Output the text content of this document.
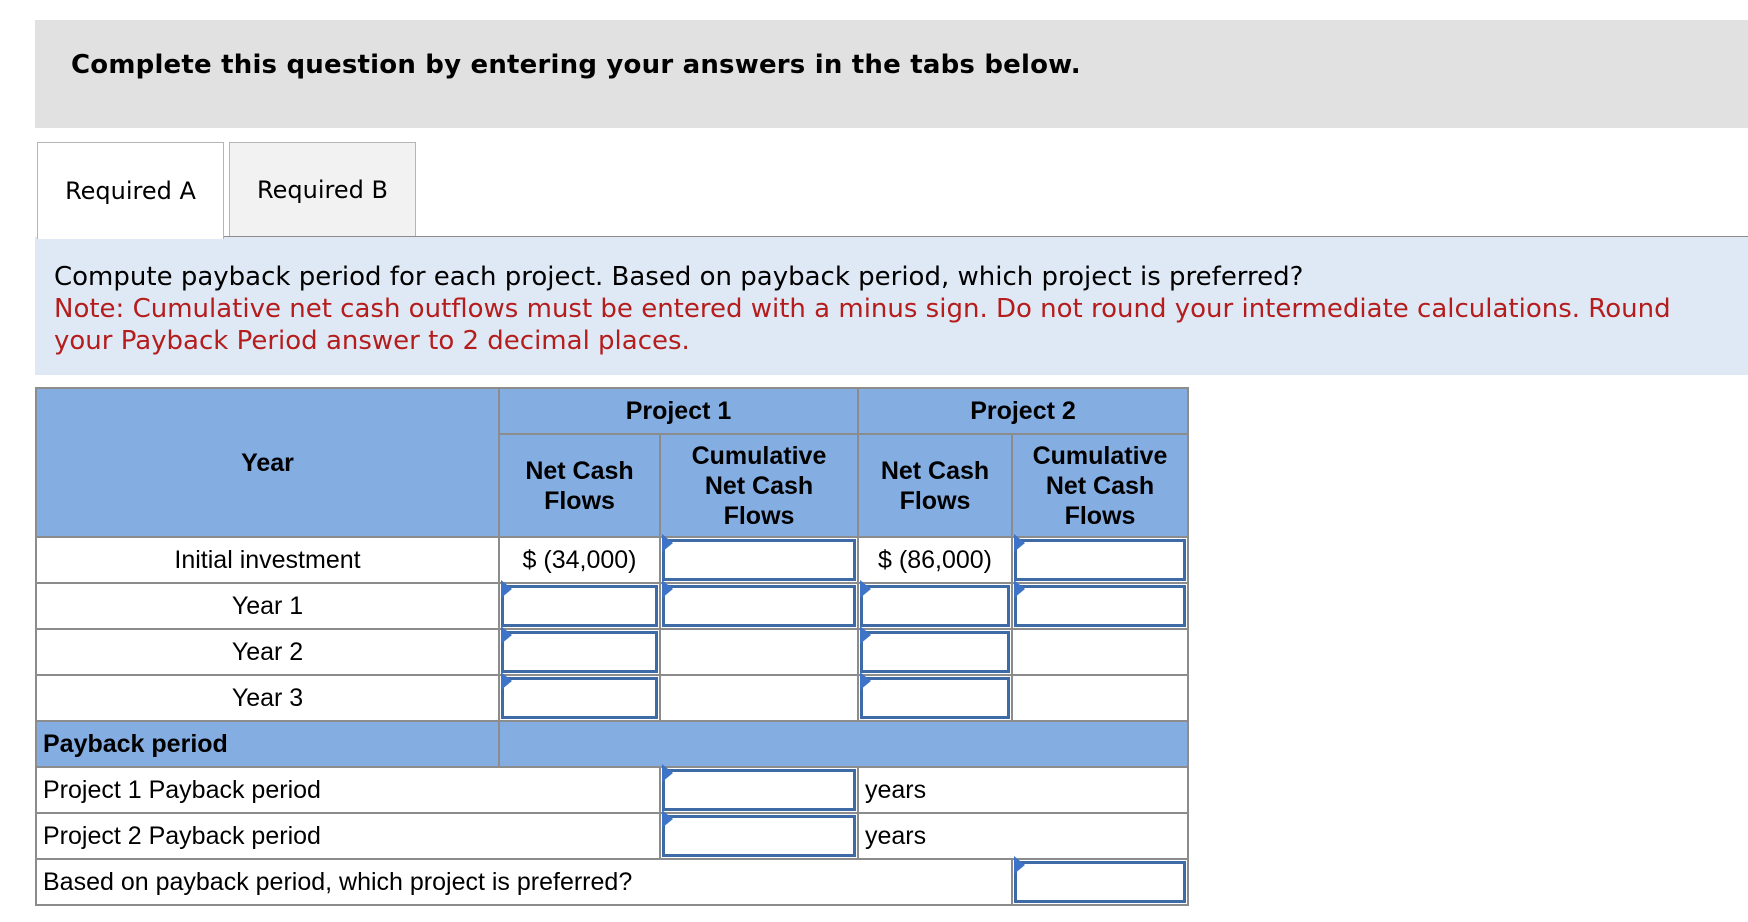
Complete this question by entering your answers in the tabs below.
Required A	Required B
Compute payback period for each project. Based on payback period, which project is preferred?
Note: Cumulative net cash outflows must be entered with a minus sign. Do not round your intermediate calculations. Round your Payback Period answer to 2 decimal places.
Year	Project 1		Project 2	

	Net Cash Flows	Cumulative Net Cash Flows	Net Cash Flows	Cumulative Net Cash Flows

Initial investment	$ (34,000)		$ (86,000)	

Year 1	

Year 2	

Year 3	

Payback period				
Project 1 Payback period			years	
Project 2 Payback period			years	
Based on payback period, which project is preferred?				
